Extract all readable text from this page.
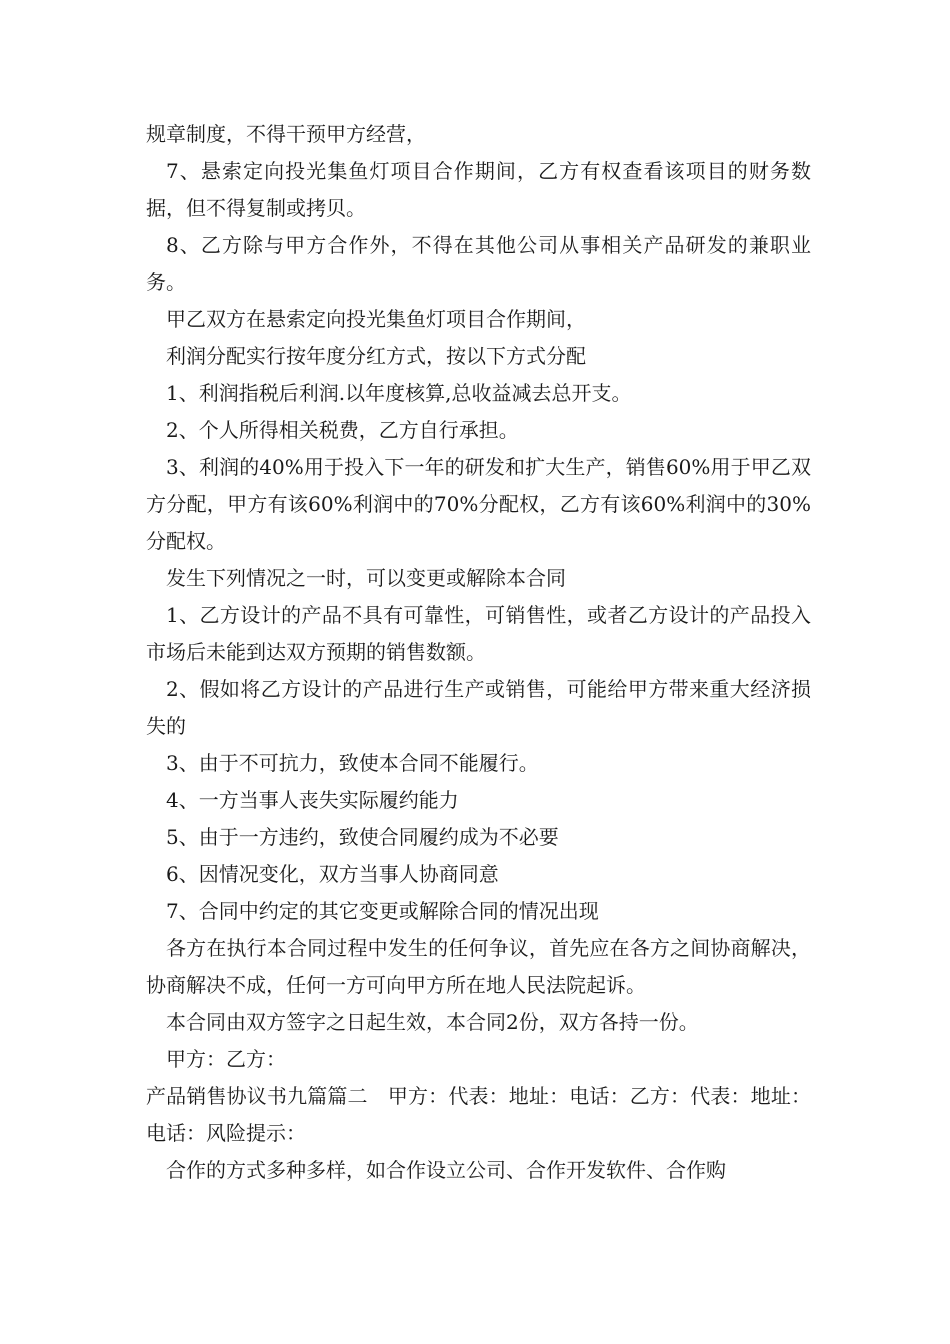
规章制度，不得干预甲方经营，

7、悬索定向投光集鱼灯项目合作期间，乙方有权查看该项目的财务数据，但不得复制或拷贝。

8、乙方除与甲方合作外，不得在其他公司从事相关产品研发的兼职业务。

甲乙双方在悬索定向投光集鱼灯项目合作期间，

利润分配实行按年度分红方式，按以下方式分配

1、利润指税后利润.以年度核算,总收益减去总开支。

2、个人所得相关税费，乙方自行承担。

3、利润的40%用于投入下一年的研发和扩大生产，销售60%用于甲乙双方分配，甲方有该60%利润中的70%分配权，乙方有该60%利润中的30%分配权。

发生下列情况之一时，可以变更或解除本合同

1、乙方设计的产品不具有可靠性，可销售性，或者乙方设计的产品投入市场后未能到达双方预期的销售数额。

2、假如将乙方设计的产品进行生产或销售，可能给甲方带来重大经济损失的

3、由于不可抗力，致使本合同不能履行。

4、一方当事人丧失实际履约能力

5、由于一方违约，致使合同履约成为不必要

6、因情况变化，双方当事人协商同意

7、合同中约定的其它变更或解除合同的情况出现

各方在执行本合同过程中发生的任何争议，首先应在各方之间协商解决，协商解决不成，任何一方可向甲方所在地人民法院起诉。

本合同由双方签字之日起生效，本合同2份，双方各持一份。

甲方：乙方：

产品销售协议书九篇篇二　甲方：代表：地址：电话：乙方：代表：地址：电话：风险提示：

合作的方式多种多样，如合作设立公司、合作开发软件、合作购
